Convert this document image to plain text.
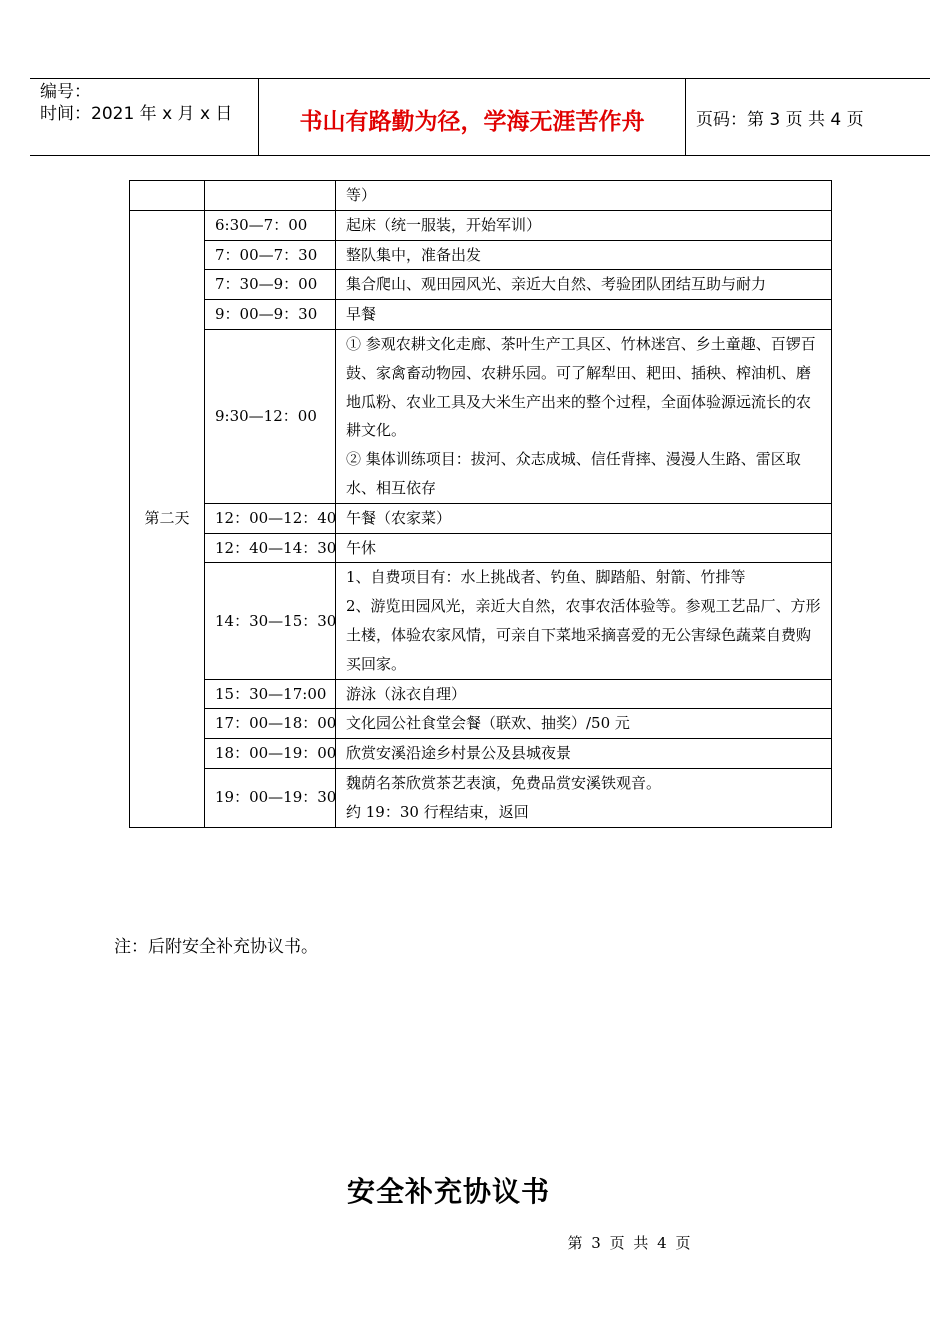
编号：
时间：2021 年 x 月 x 日	书山有路勤为径，学海无涯苦作舟	页码：第 3 页 共 4 页
		等）
第二天	6:30—7：00	起床（统一服装，开始军训）

	7：00—7：30	整队集中，准备出发

	7：30—9：00	集合爬山、观田园风光、亲近大自然、考验团队团结互助与耐力

	9：00—9：30	早餐

	9:30—12：00	① 参观农耕文化走廊、茶叶生产工具区、竹林迷宫、乡土童趣、百锣百鼓、家禽畜动物园、农耕乐园。可了解犁田、耙田、插秧、榨油机、磨地瓜粉、农业工具及大米生产出来的整个过程，全面体验源远流长的农耕文化。
② 集体训练项目：拔河、众志成城、信任背摔、漫漫人生路、雷区取水、相互依存

	12：00—12：40	午餐（农家菜）

	12：40—14：30	午休

	14：30—15：30	1、自费项目有：水上挑战者、钓鱼、脚踏船、射箭、竹排等
2、游览田园风光，亲近大自然，农事农活体验等。参观工艺品厂、方形土楼，体验农家风情，可亲自下菜地采摘喜爱的无公害绿色蔬菜自费购买回家。

	15：30—17:00	游泳（泳衣自理）

	17：00—18：00	文化园公社食堂会餐（联欢、抽奖）/50 元

	18：00—19：00	欣赏安溪沿途乡村景公及县城夜景

	19：00—19：30	魏荫名茶欣赏茶艺表演，免费品赏安溪铁观音。
约 19：30 行程结束，返回
注：后附安全补充协议书。
安全补充协议书
第 3 页 共 4 页
